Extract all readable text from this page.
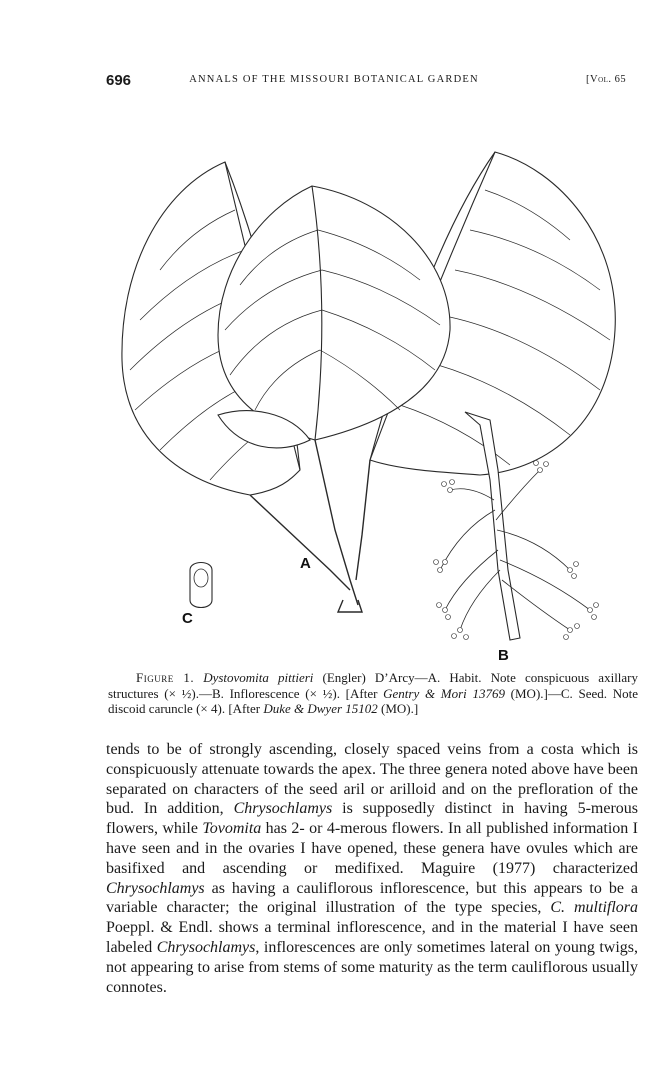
696	ANNALS OF THE MISSOURI BOTANICAL GARDEN	[Vol. 65
A
B
C

Figure 1. Dystovomita pittieri (Engler) D’Arcy—A. Habit. Note conspicuous axillary structures (× ½).—B. Inflorescence (× ½). [After Gentry & Mori 13769 (MO).]—C. Seed. Note discoid caruncle (× 4). [After Duke & Dwyer 15102 (MO).]

tends to be of strongly ascending, closely spaced veins from a costa which is conspicuously attenuate towards the apex. The three genera noted above have been separated on characters of the seed aril or arilloid and on the prefloration of the bud. In addition, Chrysochlamys is supposedly distinct in having 5-merous flowers, while Tovomita has 2- or 4-merous flowers. In all published information I have seen and in the ovaries I have opened, these genera have ovules which are basifixed and ascending or medifixed. Maguire (1977) characterized Chrysochlamys as having a cauliflorous inflorescence, but this appears to be a variable character; the original illustration of the type species, C. multiflora Poeppl. & Endl. shows a terminal inflorescence, and in the material I have seen labeled Chrysochlamys, inflorescences are only sometimes lateral on young twigs, not appearing to arise from stems of some maturity as the term cauliflorous usually connotes.
